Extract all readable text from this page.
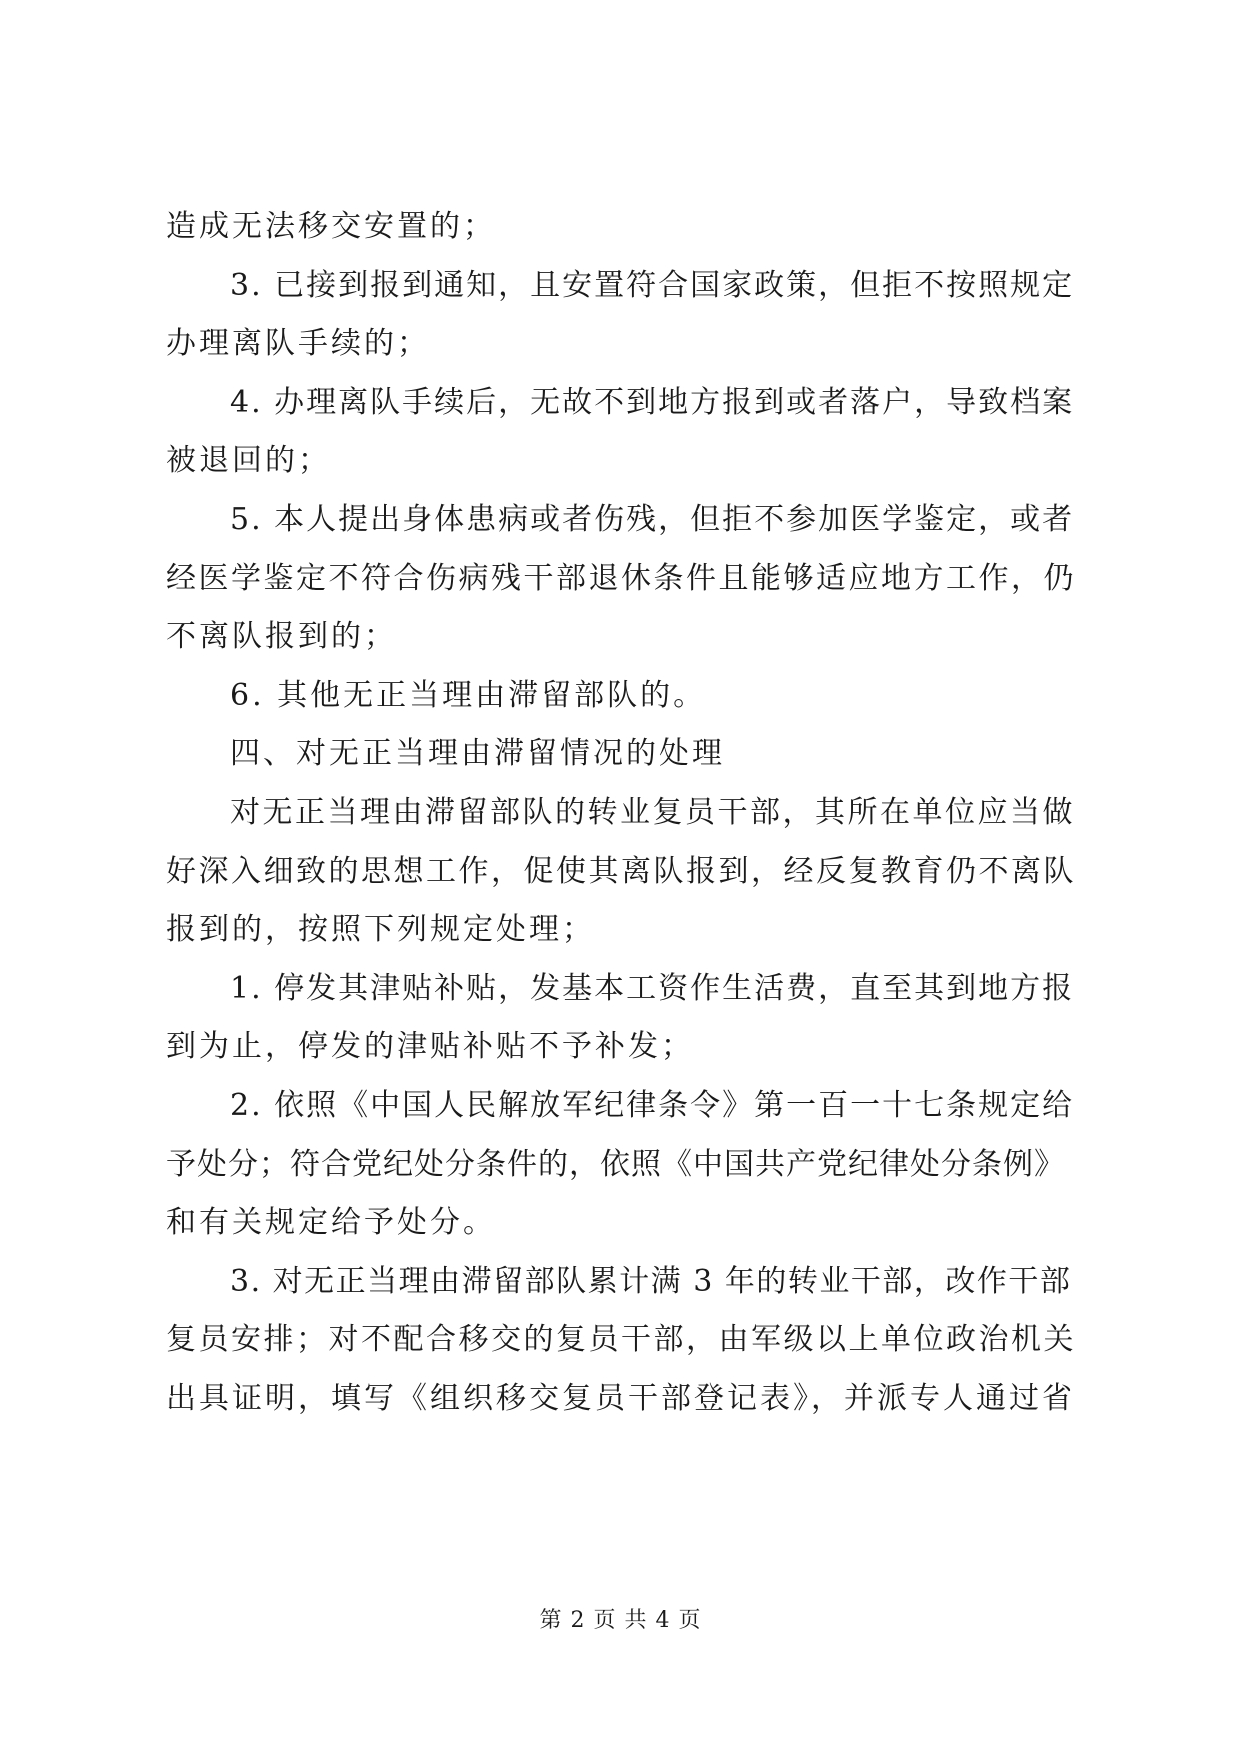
造成无法移交安置的；
3. 已接到报到通知，且安置符合国家政策，但拒不按照规定
办理离队手续的；
4. 办理离队手续后，无故不到地方报到或者落户，导致档案
被退回的；
5. 本人提出身体患病或者伤残，但拒不参加医学鉴定，或者
经医学鉴定不符合伤病残干部退休条件且能够适应地方工作，仍
不离队报到的；
6. 其他无正当理由滞留部队的。
四、对无正当理由滞留情况的处理
对无正当理由滞留部队的转业复员干部，其所在单位应当做
好深入细致的思想工作，促使其离队报到，经反复教育仍不离队
报到的，按照下列规定处理；
1. 停发其津贴补贴，发基本工资作生活费，直至其到地方报
到为止，停发的津贴补贴不予补发；
2. 依照《中国人民解放军纪律条令》第一百一十七条规定给
予处分；符合党纪处分条件的，依照《中国共产党纪律处分条例》
和有关规定给予处分。
3. 对无正当理由滞留部队累计满 3 年的转业干部，改作干部
复员安排；对不配合移交的复员干部，由军级以上单位政治机关
出具证明，填写《组织移交复员干部登记表》，并派专人通过省
第 2 页 共 4 页
